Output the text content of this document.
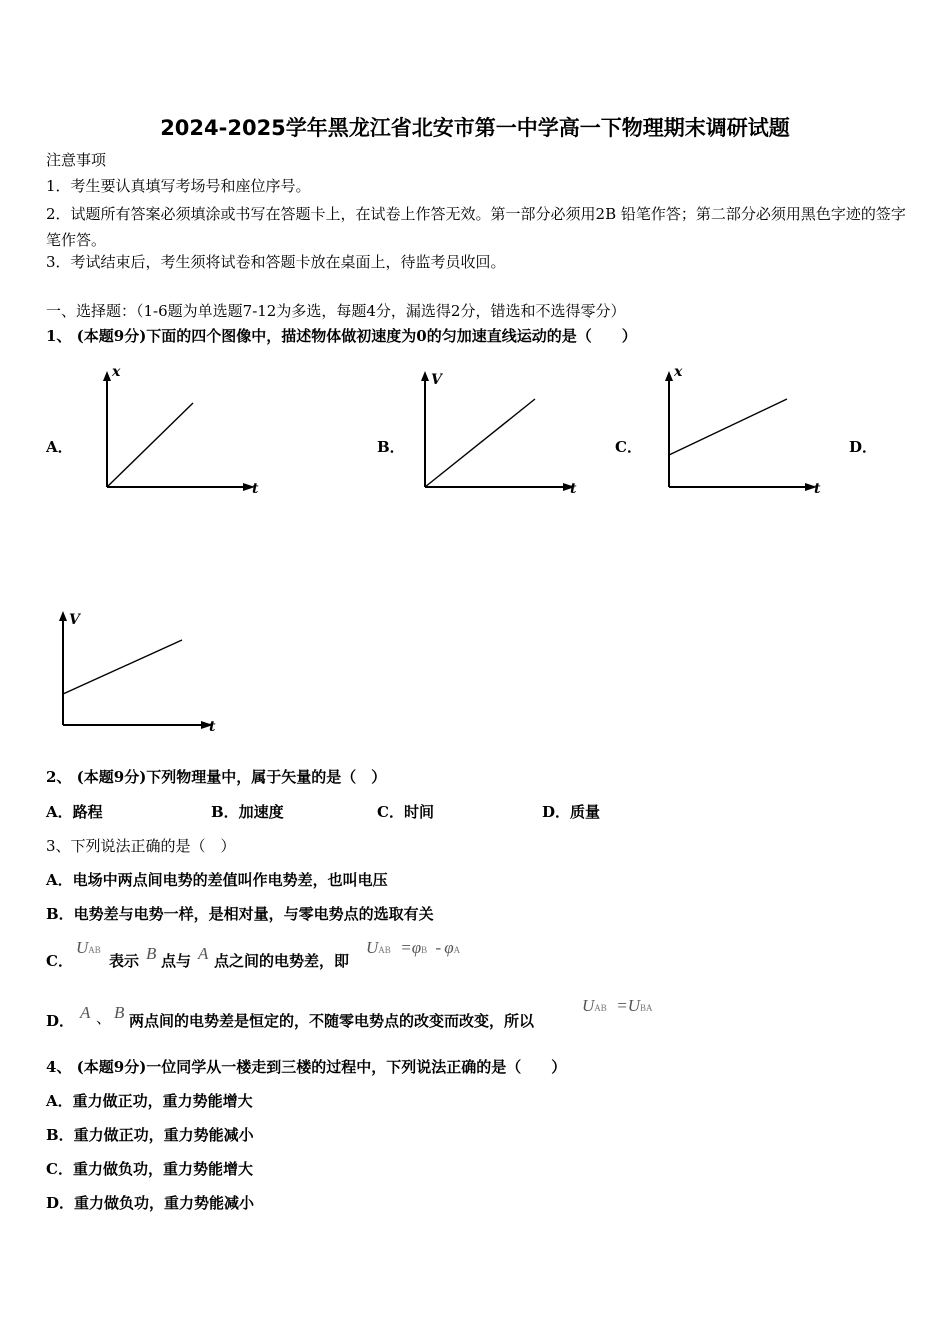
2024-2025学年黑龙江省北安市第一中学高一下物理期末调研试题
注意事项
1．考生要认真填写考场号和座位序号。
2．试题所有答案必须填涂或书写在答题卡上，在试卷上作答无效。第一部分必须用2B 铅笔作答；第二部分必须用黑色字迹的签字笔作答。
3．考试结束后，考生须将试卷和答题卡放在桌面上，待监考员收回。
一、选择题：（1-6题为单选题7-12为多选，每题4分，漏选得2分，错选和不选得零分）
1、 (本题9分)下面的四个图像中，描述物体做初速度为0的匀加速直线运动的是（　　）
A．
x
t
B．
V
t
C．
x
t
D．
V
t
2、 (本题9分)下列物理量中，属于矢量的是（　）
A．路程	B．加速度	C．时间	D．质量
3、下列说法正确的是（　）
A．电场中两点间电势的差值叫作电势差，也叫电压
B．电势差与电势一样，是相对量，与零电势点的选取有关
C．
UAB
表示 B 点与 A 点之间的电势差，即
UAB =φB - φA
D． A 、 B 两点间的电势差是恒定的，不随零电势点的改变而改变，所以
UAB =UBA
4、 (本题9分)一位同学从一楼走到三楼的过程中，下列说法正确的是（　　）
A．重力做正功，重力势能增大
B．重力做正功，重力势能减小
C．重力做负功，重力势能增大
D．重力做负功，重力势能减小
